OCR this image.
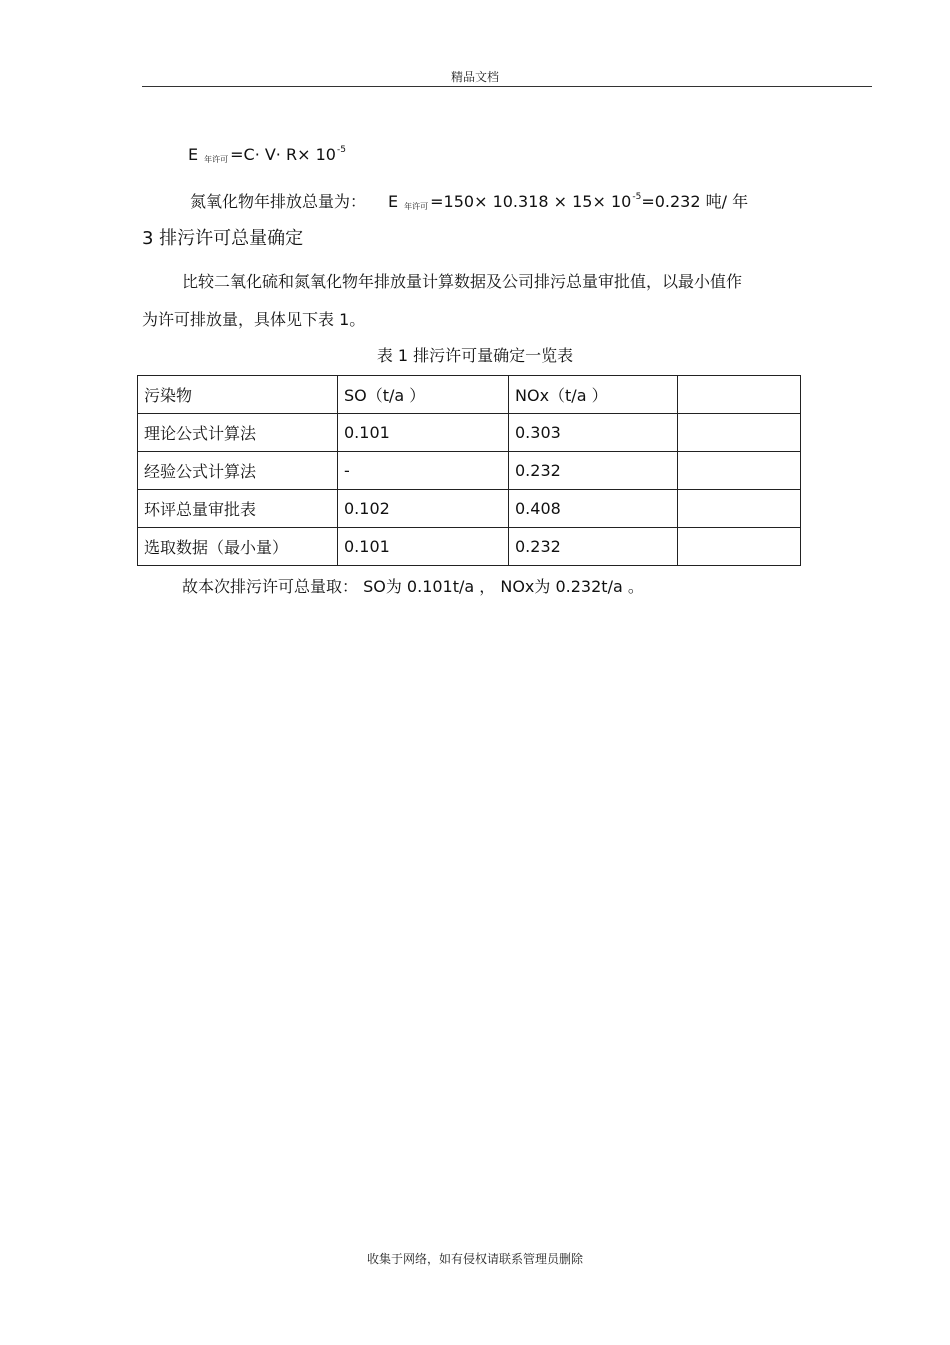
精品文档
E $_{年许可} =C\cdot V\cdot R\times 10^{-5}$
氮氧化物年排放总量为： E $_{年许可} =150\times 10.318 \times 15\times 10^{-5}=0.232$ 吨/ 年
3 排污许可总量确定
比较二氧化硫和氮氧化物年排放量计算数据及公司排污总量审批值，以最小值作
为许可排放量，具体见下表 1。
表 1 排污许可量确定一览表
污染物	SO（t/a ）	NOx（t/a ）	
理论公式计算法	0.101	0.303	
经验公式计算法	-	0.232	
环评总量审批表	0.102	0.408	
选取数据（最小量）	0.101	0.232	
故本次排污许可总量取： SO为 0.101t/a ， NOx为 0.232t/a 。
收集于网络，如有侵权请联系管理员删除
